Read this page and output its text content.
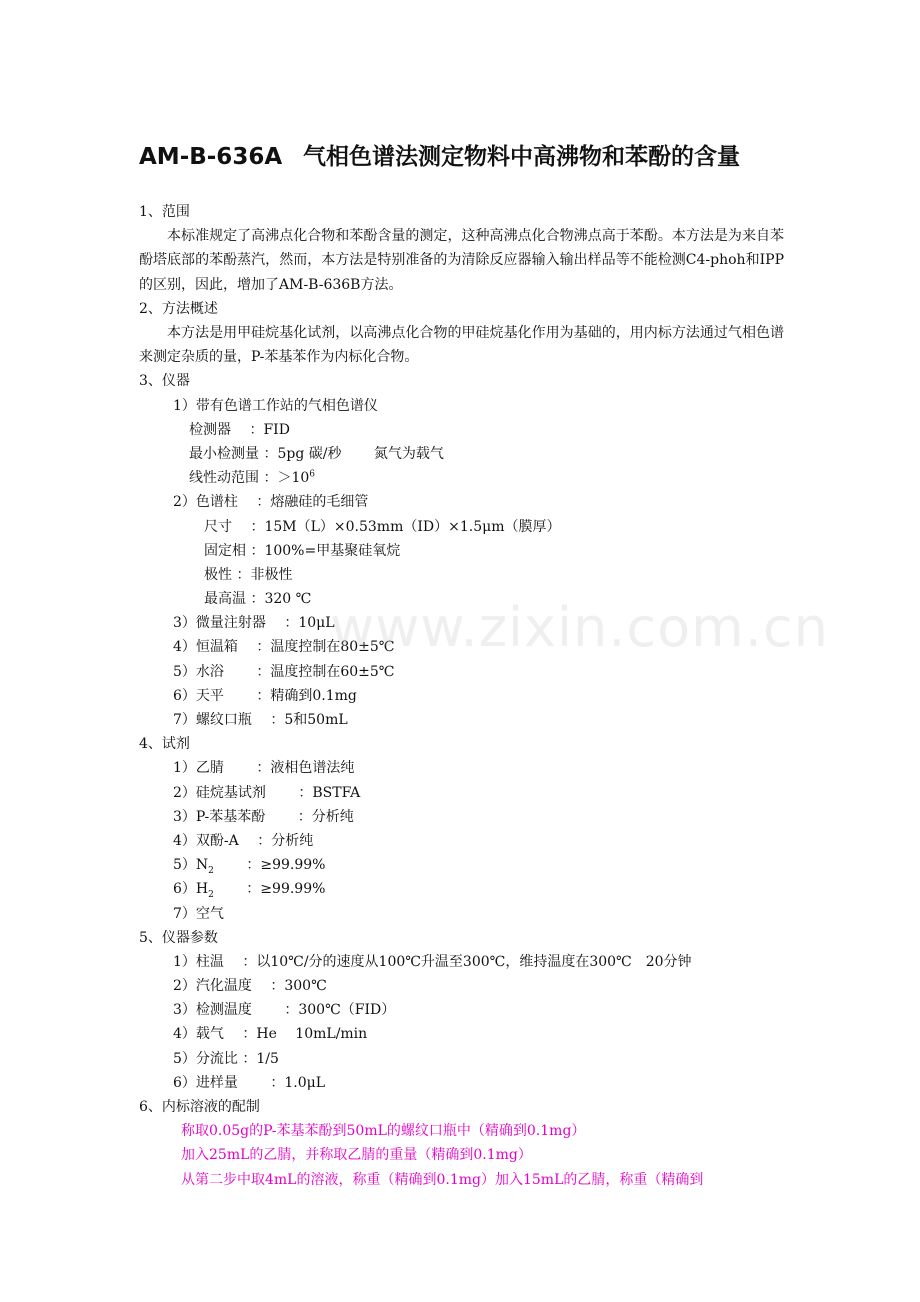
AM-B-636A 气相色谱法测定物料中高沸物和苯酚的含量
1、范围
本标准规定了高沸点化合物和苯酚含量的测定，这种高沸点化合物沸点高于苯酚。本方法是为来自苯酚塔底部的苯酚蒸汽，然而，本方法是特别准备的为清除反应器输入输出样品等不能检测C4-phoh和IPP的区别，因此，增加了AM-B-636B方法。
2、方法概述
本方法是用甲硅烷基化试剂，以高沸点化合物的甲硅烷基化作用为基础的，用内标方法通过气相色谱来测定杂质的量，P-苯基苯作为内标化合物。
3、仪器
1）带有色谱工作站的气相色谱仪
检测器　 ：FID
最小检测量 ：5pg 碳/秒　　 氮气为载气
线性动范围 ：$>10^6$
2）色谱柱　 ：熔融硅的毛细管
尺寸　 ：15M（L）×0.53mm（ID）×1.5μm（膜厚）
固定相 ：100%=甲基聚硅氧烷
极性 ：非极性
最高温 ：320 ℃
3）微量注射器　 ：10μL
4）恒温箱　 ：温度控制在80±5℃
5）水浴　　 ：温度控制在60±5℃
6）天平　　 ：精确到0.1mg
7）螺纹口瓶　 ：5和50mL
4、试剂
1）乙腈　　 ：液相色谱法纯
2）硅烷基试剂　　 ：BSTFA
3）P-苯基苯酚　　 ：分析纯
4）双酚-A　 ：分析纯
$5)N_2$　　 ：≥99.99%
$6)H_2$　　 ：≥99.99%
7）空气
5、仪器参数
1）柱温　 ：以10℃/分的速度从100℃升温至300℃，维持温度在300℃　20分钟
2）汽化温度　 ：300℃
3）检测温度　　 ：300℃（FID）
4）载气　 ：He　 10mL/min
5）分流比 ：1/5
6）进样量　　 ：1.0μL
6、内标溶液的配制
称取0.05g的P-苯基苯酚到50mL的螺纹口瓶中（精确到0.1mg）
加入25mL的乙腈，并称取乙腈的重量（精确到0.1mg）
从第二步中取4mL的溶液，称重（精确到0.1mg）加入15mL的乙腈，称重（精确到
www.zixin.com.cn
